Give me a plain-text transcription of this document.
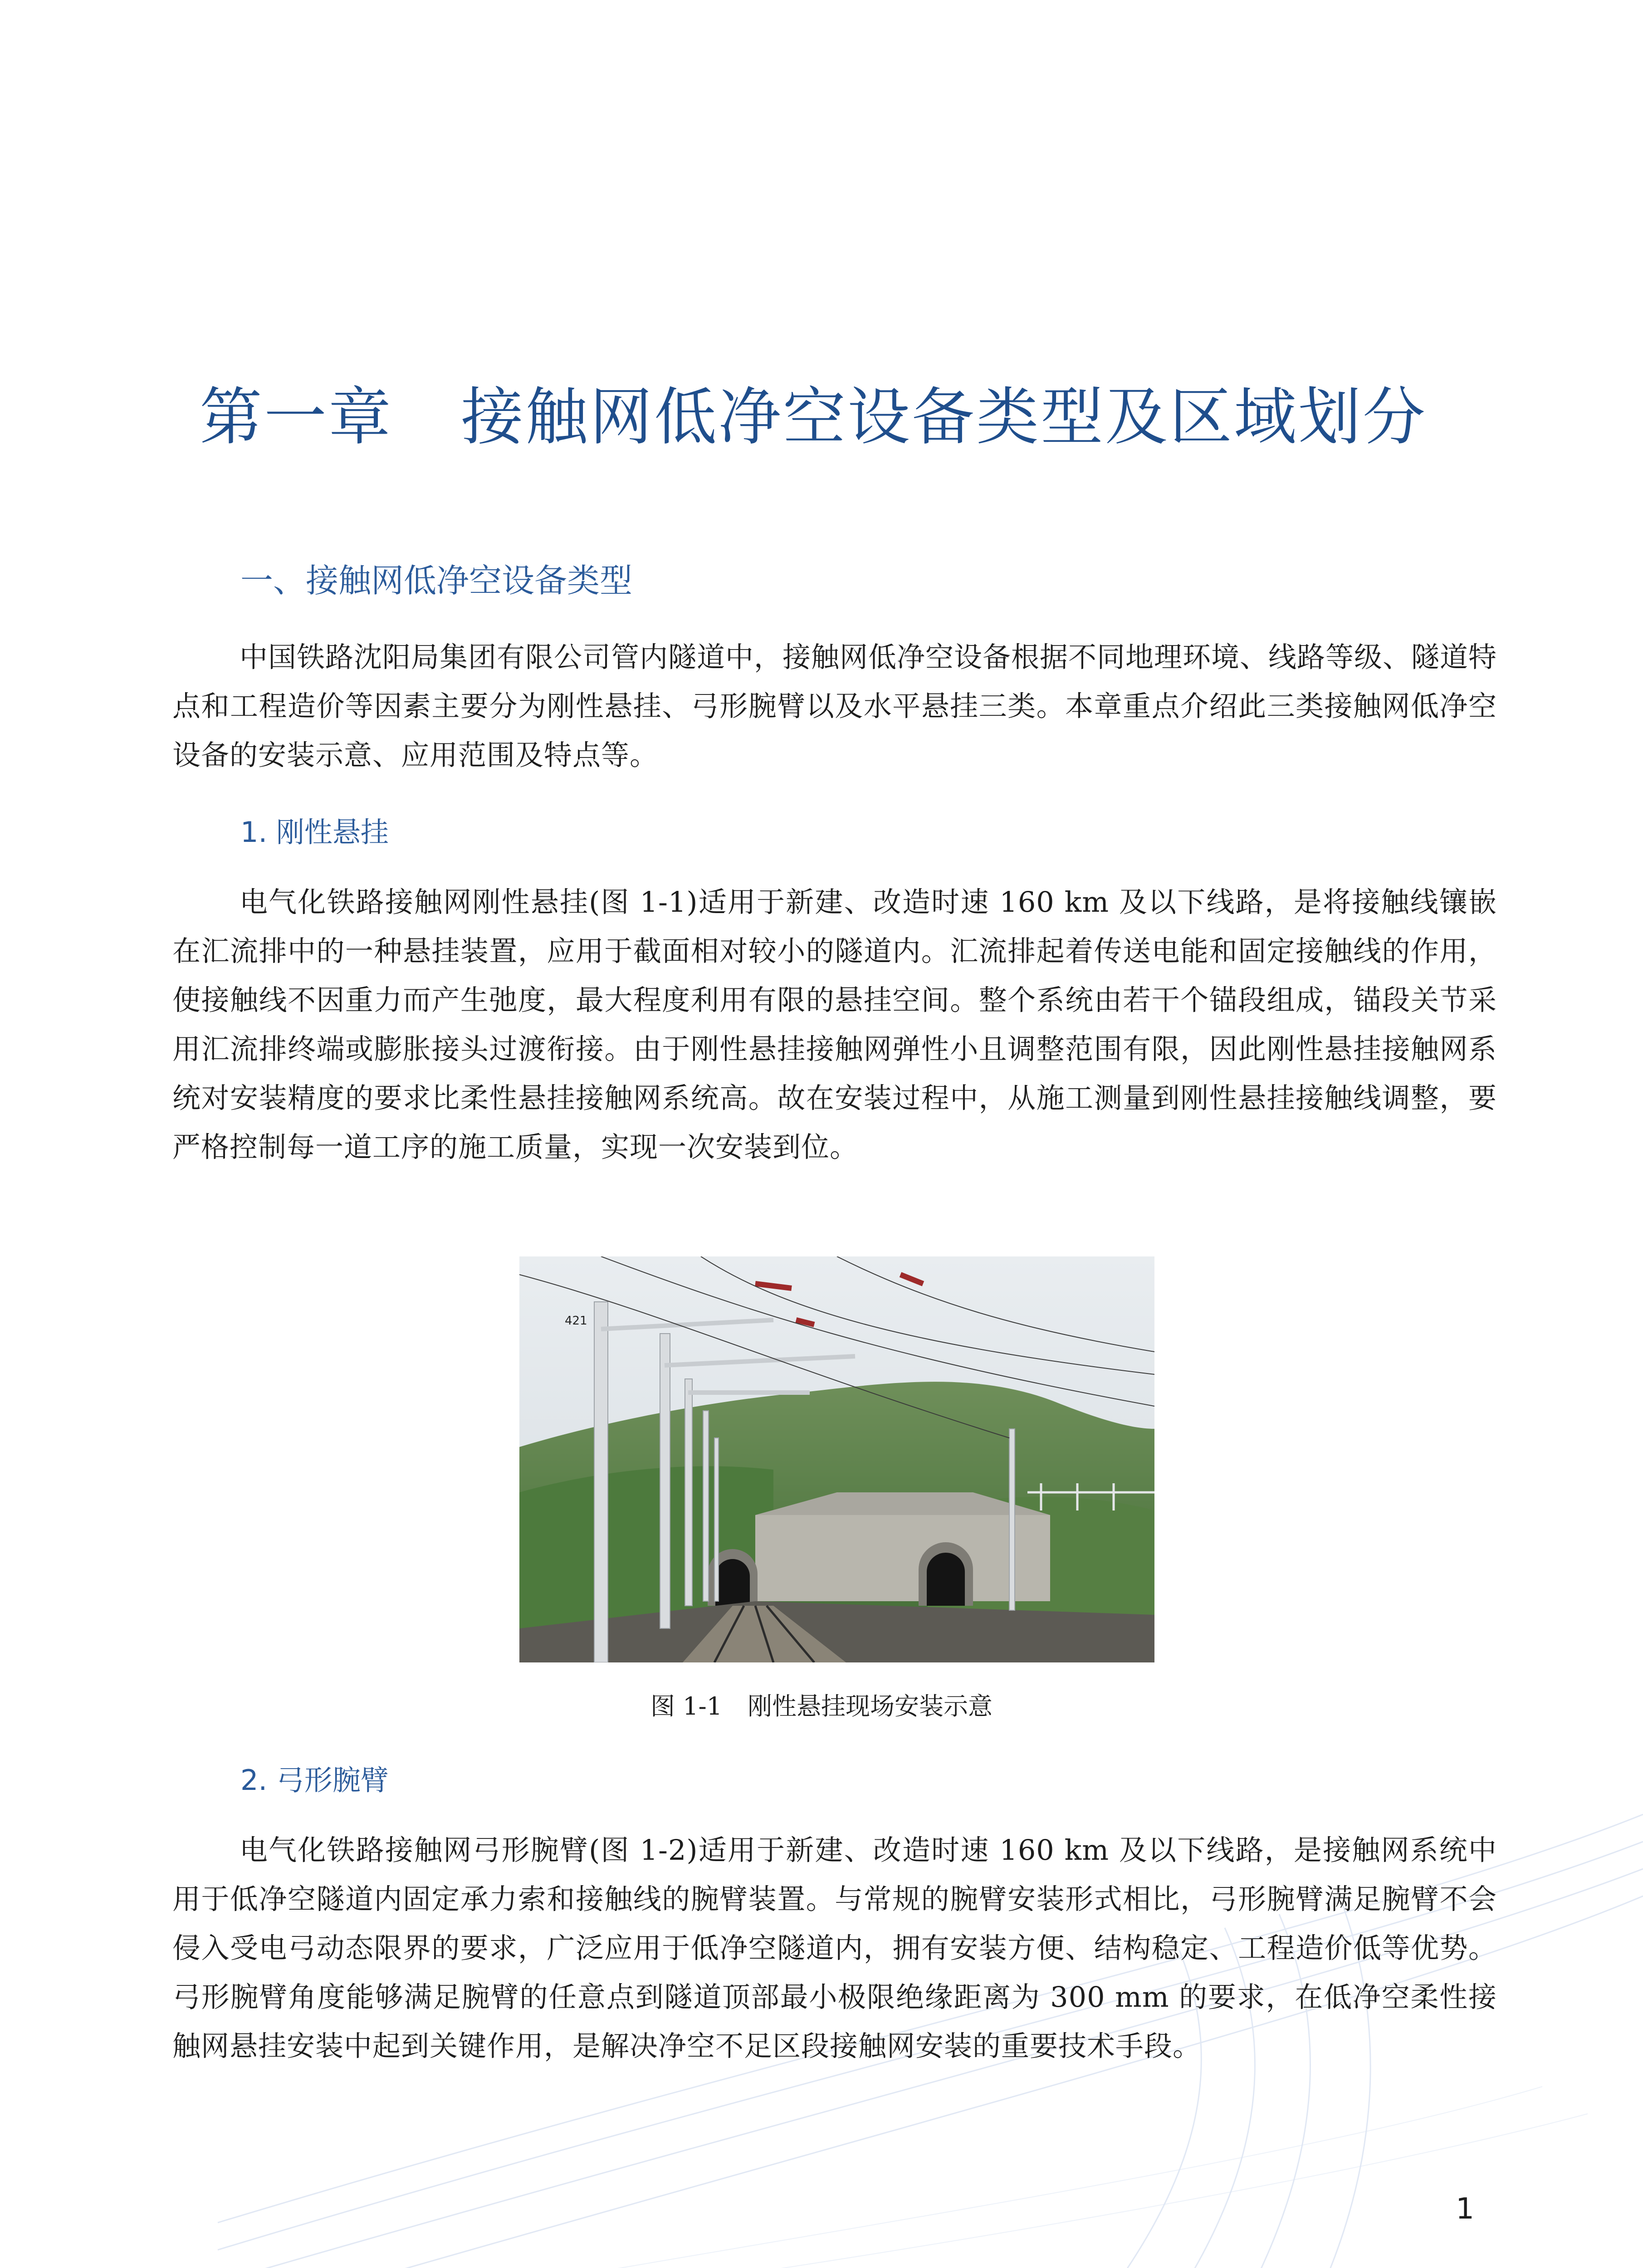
第一章 接触网低净空设备类型及区域划分
一、接触网低净空设备类型

中国铁路沈阳局集团有限公司管内隧道中，接触网低净空设备根据不同地理环境、线路等级、隧道特点和工程造价等因素主要分为刚性悬挂、弓形腕臂以及水平悬挂三类。本章重点介绍此三类接触网低净空设备的安装示意、应用范围及特点等。

1. 刚性悬挂

电气化铁路接触网刚性悬挂(图 1-1)适用于新建、改造时速 160 km 及以下线路，是将接触线镶嵌在汇流排中的一种悬挂装置，应用于截面相对较小的隧道内。汇流排起着传送电能和固定接触线的作用，使接触线不因重力而产生弛度，最大程度利用有限的悬挂空间。整个系统由若干个锚段组成，锚段关节采用汇流排终端或膨胀接头过渡衔接。由于刚性悬挂接触网弹性小且调整范围有限，因此刚性悬挂接触网系统对安装精度的要求比柔性悬挂接触网系统高。故在安装过程中，从施工测量到刚性悬挂接触线调整，要严格控制每一道工序的施工质量，实现一次安装到位。

421

图 1-1 刚性悬挂现场安装示意

2. 弓形腕臂

电气化铁路接触网弓形腕臂(图 1-2)适用于新建、改造时速 160 km 及以下线路，是接触网系统中用于低净空隧道内固定承力索和接触线的腕臂装置。与常规的腕臂安装形式相比，弓形腕臂满足腕臂不会侵入受电弓动态限界的要求，广泛应用于低净空隧道内，拥有安装方便、结构稳定、工程造价低等优势。弓形腕臂角度能够满足腕臂的任意点到隧道顶部最小极限绝缘距离为 300 mm 的要求，在低净空柔性接触网悬挂安装中起到关键作用，是解决净空不足区段接触网安装的重要技术手段。

1
